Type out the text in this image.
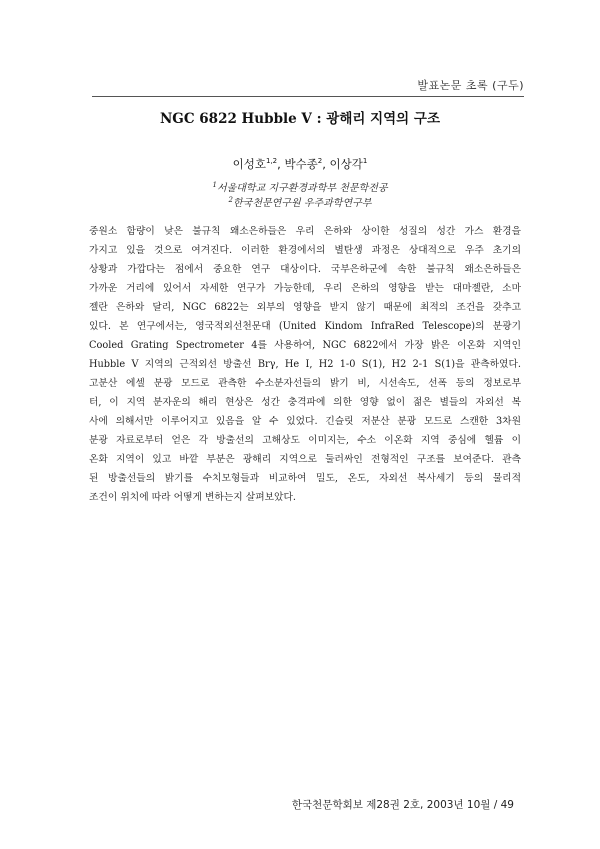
발표논문 초록 (구두)
NGC 6822 Hubble V : 광해리 지역의 구조
이성호$^{1,2}$, 박수종$^2$, 이상각$^1$
$^1$서울대학교 지구환경과학부 천문학전공
$^2$한국천문연구원 우주과학연구부
중원소 함량이 낮은 불규칙 왜소은하들은 우리 은하와 상이한 성질의 성간 가스 환경을
가지고 있을 것으로 여겨진다. 이러한 환경에서의 별탄생 과정은 상대적으로 우주 초기의
상황과 가깝다는 점에서 중요한 연구 대상이다. 국부은하군에 속한 불규칙 왜소은하들은
가까운 거리에 있어서 자세한 연구가 가능한데, 우리 은하의 영향을 받는 대마젤란, 소마
젤란 은하와 달리, NGC 6822는 외부의 영향을 받지 않기 때문에 최적의 조건을 갖추고
있다. 본 연구에서는, 영국적외선천문대 (United Kindom InfraRed Telescope)의 분광기
Cooled Grating Spectrometer 4를 사용하여, NGC 6822에서 가장 밝은 이온화 지역인
Hubble V 지역의 근적외선 방출선 Brγ, He I, H2 1-0 S(1), H2 2-1 S(1)을 관측하였다.
고분산 에셀 분광 모드로 관측한 수소분자선들의 밝기 비, 시선속도, 선폭 등의 정보로부
터, 이 지역 분자운의 해리 현상은 성간 충격파에 의한 영향 없이 젊은 별들의 자외선 복
사에 의해서만 이루어지고 있음을 알 수 있었다. 긴슬릿 저분산 분광 모드로 스캔한 3차원
분광 자료로부터 얻은 각 방출선의 고해상도 이미지는, 수소 이온화 지역 중심에 헬륨 이
온화 지역이 있고 바깥 부분은 광해리 지역으로 둘러싸인 전형적인 구조를 보여준다. 관측
된 방출선들의 밝기를 수치모형들과 비교하여 밀도, 온도, 자외선 복사세기 등의 물리적
조건이 위치에 따라 어떻게 변하는지 살펴보았다.
한국천문학회보 제28권 2호, 2003년 10월 / 49
